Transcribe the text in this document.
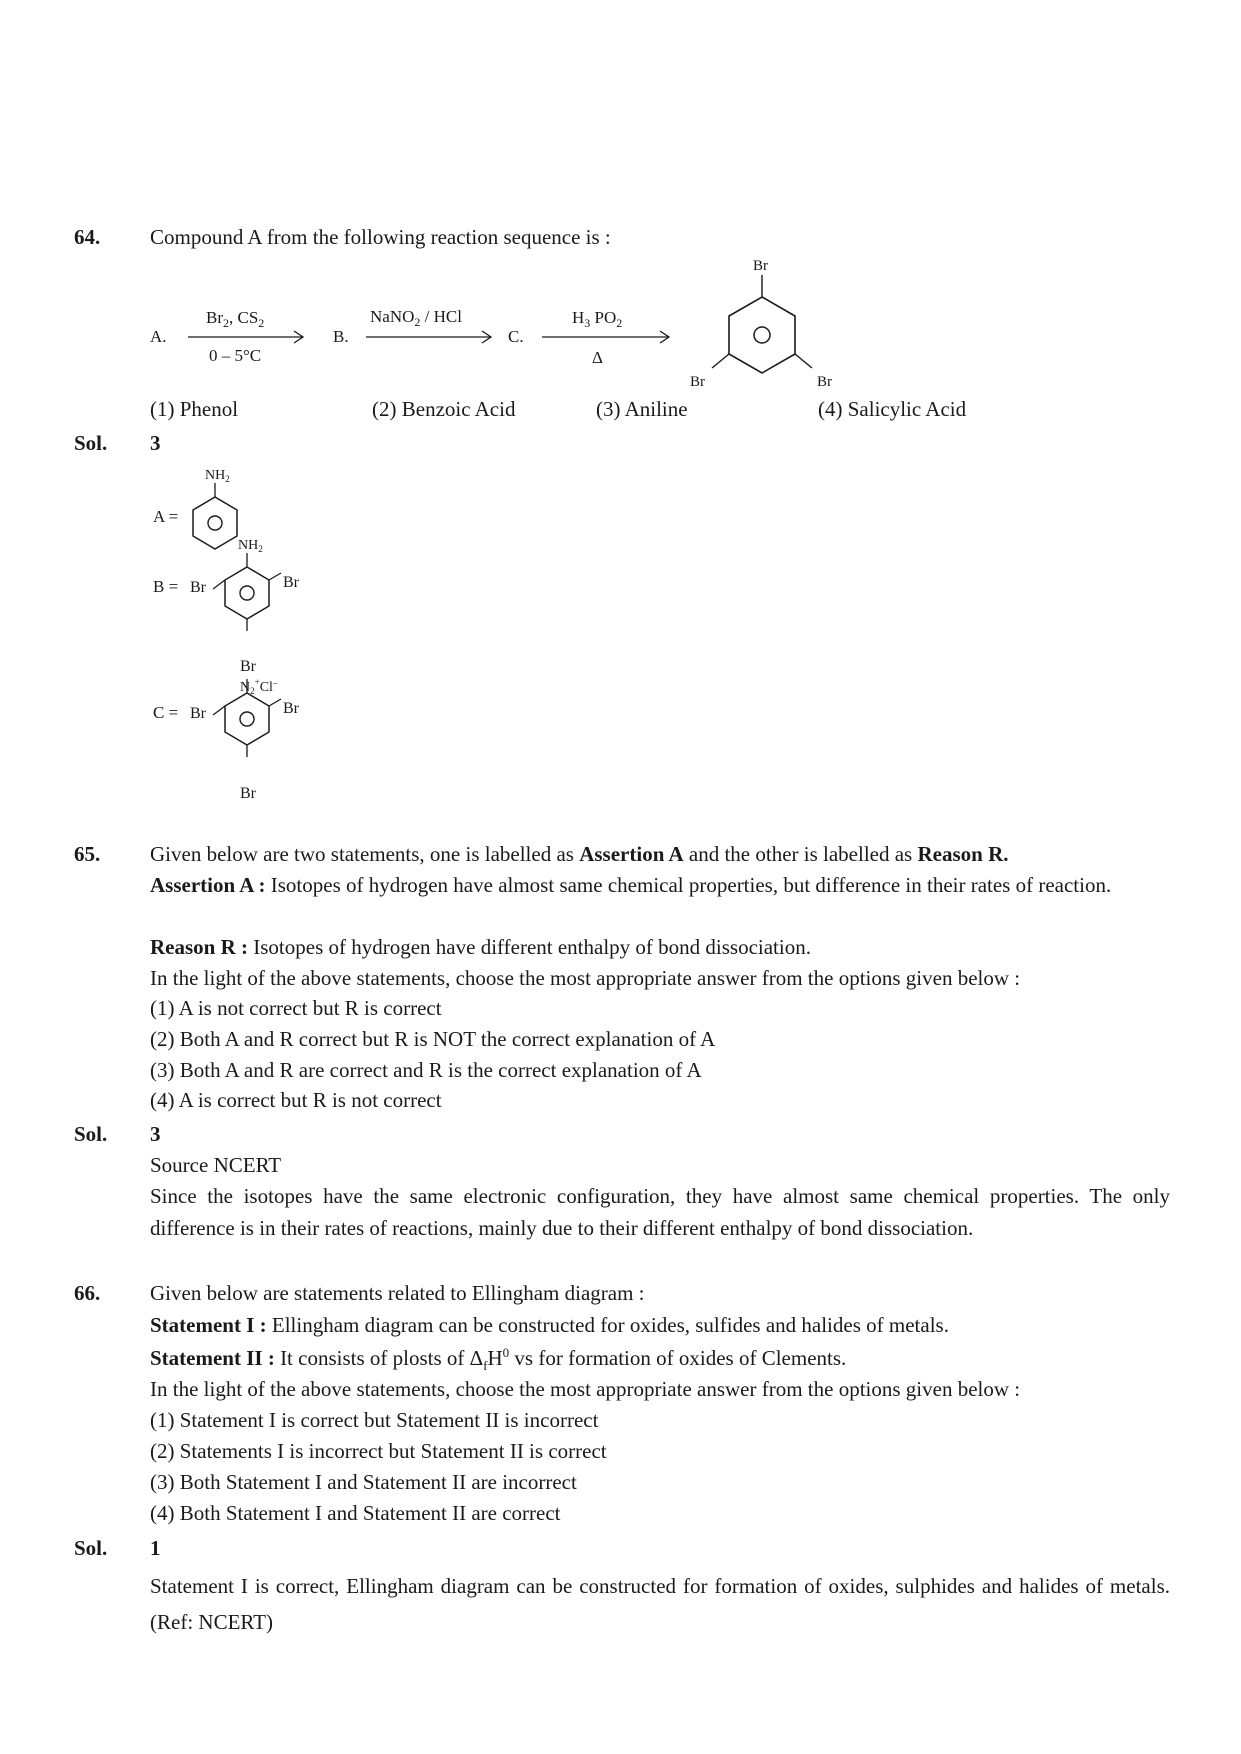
64. Compound A from the following reaction sequence is :
A.
$Br_2$, $CS_2$
0 – 5°C
B.
NaNO$_2$ / HCl
C.
$H_3$ $PO_2$
Δ
Br
Br	Br
(1) Phenol	(2) Benzoic Acid	(3) Aniline	(4) Salicylic Acid
Sol. 3
A =
$NH_2$
B = Br
$NH_2$
Br
Br
C = Br
$N_2^+Cl^-$
Br
Br
65. Given below are two statements, one is labelled as Assertion A and the other is labelled as Reason R.
Assertion A : Isotopes of hydrogen have almost same chemical properties, but difference in their rates of reaction.
Reason R : Isotopes of hydrogen have different enthalpy of bond dissociation.
In the light of the above statements, choose the most appropriate answer from the options given below :
(1) A is not correct but R is correct
(2) Both A and R correct but R is NOT the correct explanation of A
(3) Both A and R are correct and R is the correct explanation of A
(4) A is correct but R is not correct
Sol. 3
Source NCERT
Since the isotopes have the same electronic configuration, they have almost same chemical properties. The only difference is in their rates of reactions, mainly due to their different enthalpy of bond dissociation.
66. Given below are statements related to Ellingham diagram :
Statement I : Ellingham diagram can be constructed for oxides, sulfides and halides of metals.
Statement II : It consists of plosts of $\Delta_fH^0$ vs for formation of oxides of Clements.
In the light of the above statements, choose the most appropriate answer from the options given below :
(1) Statement I is correct but Statement II is incorrect
(2) Statements I is incorrect but Statement II is correct
(3) Both Statement I and Statement II are incorrect
(4) Both Statement I and Statement II are correct
Sol. 1
Statement I is correct, Ellingham diagram can be constructed for formation of oxides, sulphides and halides of metals. (Ref: NCERT)
